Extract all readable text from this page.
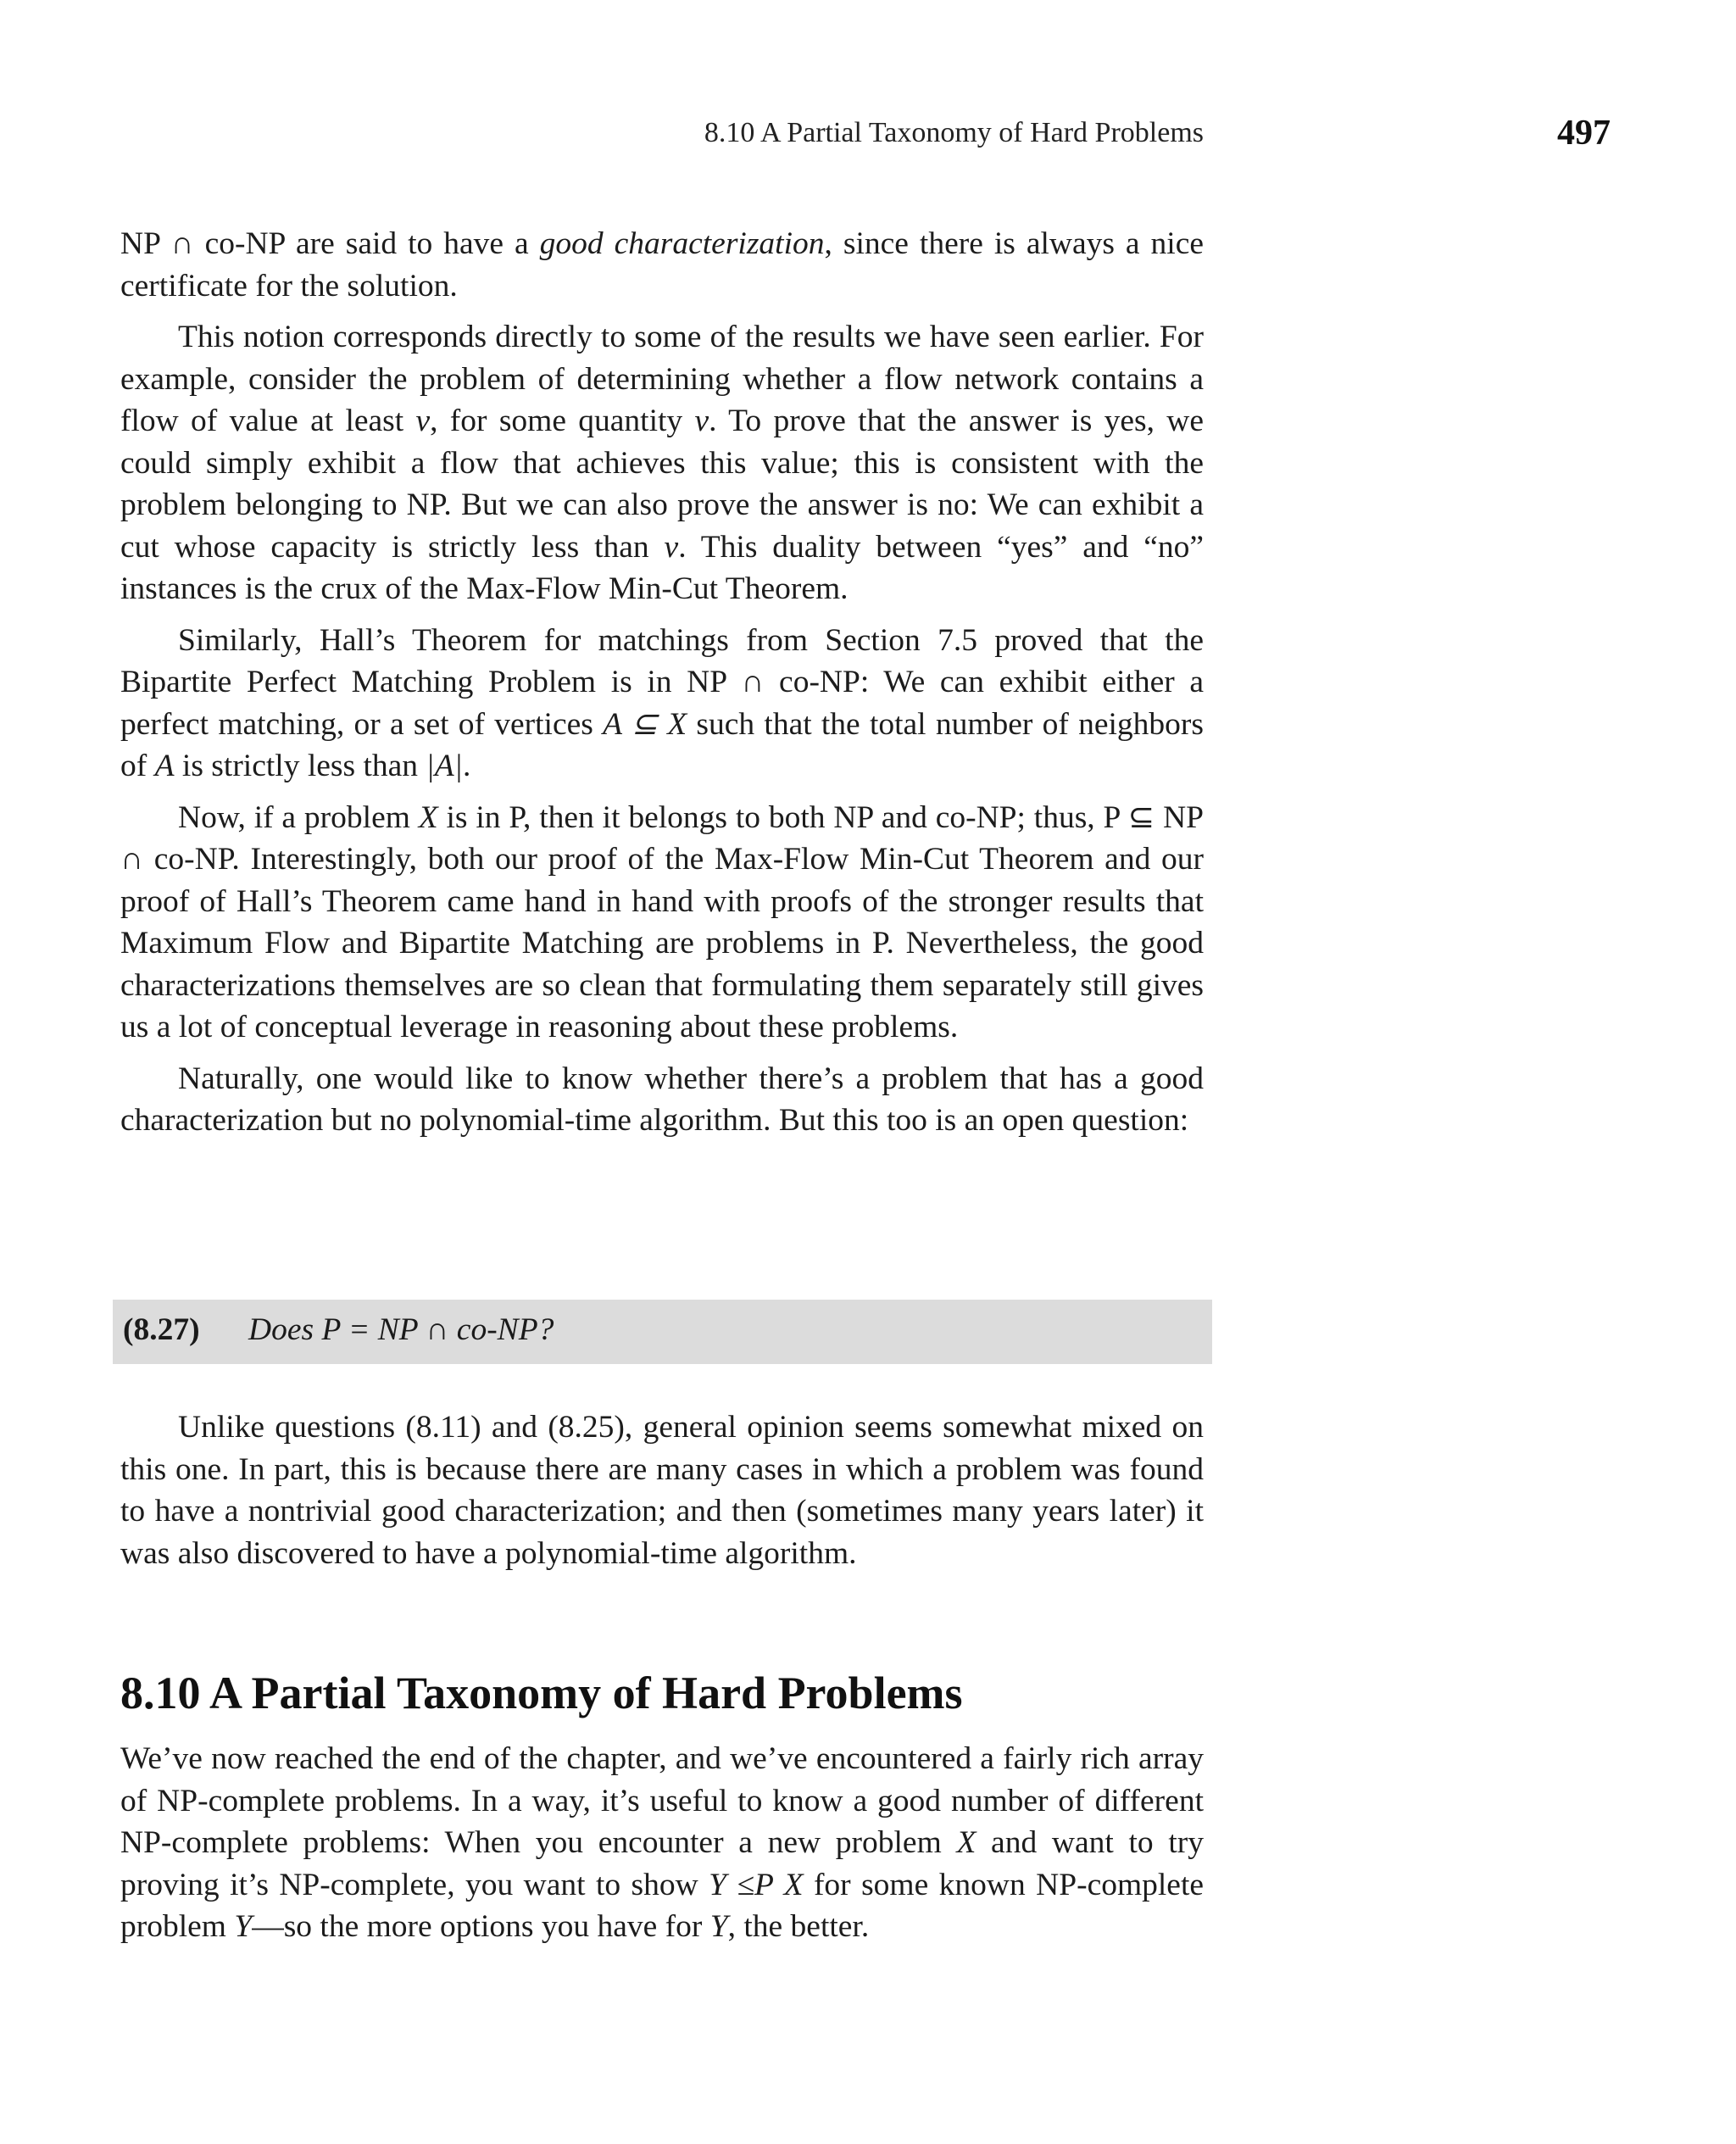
8.10 A Partial Taxonomy of Hard Problems	497

NP ∩ co-NP are said to have a good characterization, since there is always a nice certificate for the solution.

This notion corresponds directly to some of the results we have seen earlier. For example, consider the problem of determining whether a flow network contains a flow of value at least v, for some quantity v. To prove that the answer is yes, we could simply exhibit a flow that achieves this value; this is consistent with the problem belonging to NP. But we can also prove the answer is no: We can exhibit a cut whose capacity is strictly less than v. This duality between “yes” and “no” instances is the crux of the Max-Flow Min-Cut Theorem.

Similarly, Hall’s Theorem for matchings from Section 7.5 proved that the Bipartite Perfect Matching Problem is in NP ∩ co-NP: We can exhibit either a perfect matching, or a set of vertices A ⊆ X such that the total number of neighbors of A is strictly less than |A|.

Now, if a problem X is in P, then it belongs to both NP and co-NP; thus, P ⊆ NP ∩ co-NP. Interestingly, both our proof of the Max-Flow Min-Cut Theorem and our proof of Hall’s Theorem came hand in hand with proofs of the stronger results that Maximum Flow and Bipartite Matching are problems in P. Nevertheless, the good characterizations themselves are so clean that formulating them separately still gives us a lot of conceptual leverage in reasoning about these problems.

Naturally, one would like to know whether there’s a problem that has a good characterization but no polynomial-time algorithm. But this too is an open question:

(8.27) Does P = NP ∩ co-NP?

Unlike questions (8.11) and (8.25), general opinion seems somewhat mixed on this one. In part, this is because there are many cases in which a problem was found to have a nontrivial good characterization; and then (sometimes many years later) it was also discovered to have a polynomial-time algorithm.

8.10 A Partial Taxonomy of Hard Problems

We’ve now reached the end of the chapter, and we’ve encountered a fairly rich array of NP-complete problems. In a way, it’s useful to know a good number of different NP-complete problems: When you encounter a new problem X and want to try proving it’s NP-complete, you want to show Y ≤P X for some known NP-complete problem Y—so the more options you have for Y, the better.
